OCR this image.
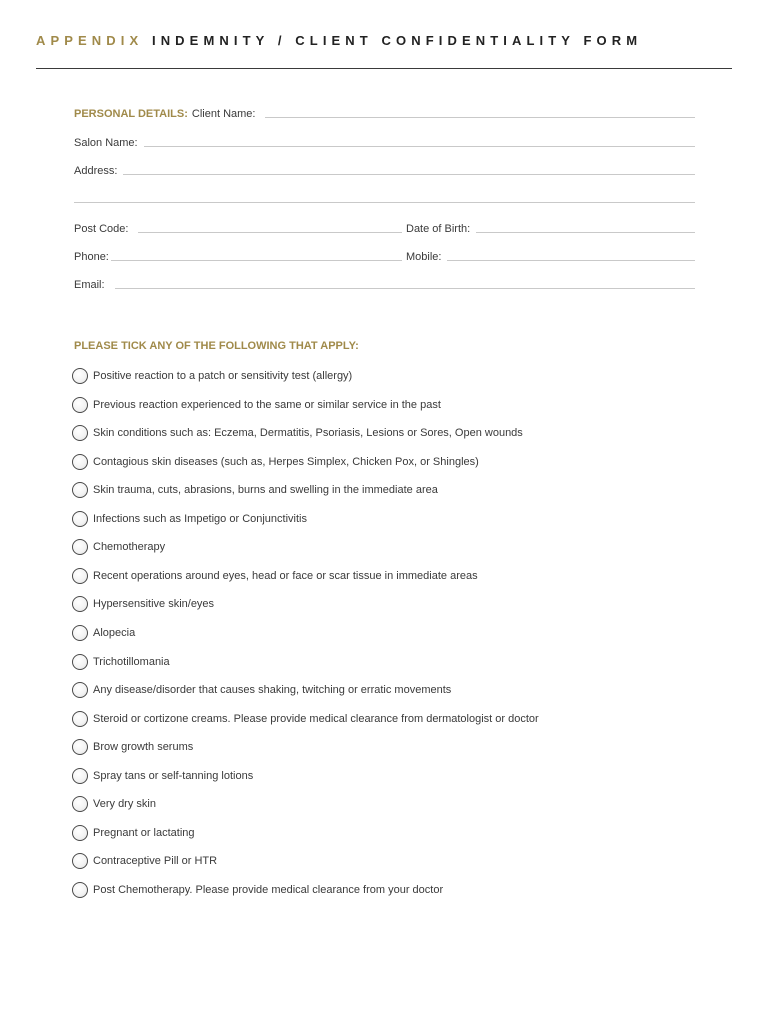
APPENDIX INDEMNITY / CLIENT CONFIDENTIALITY FORM
PERSONAL DETAILS: Client Name:
Salon Name:
Address:
Post Code:	Date of Birth:
Phone:	Mobile:
Email:
PLEASE TICK ANY OF THE FOLLOWING THAT APPLY:
Positive reaction to a patch or sensitivity test (allergy)
Previous reaction experienced to the same or similar service in the past
Skin conditions such as: Eczema, Dermatitis, Psoriasis, Lesions or Sores, Open wounds
Contagious skin diseases (such as, Herpes Simplex, Chicken Pox, or Shingles)
Skin trauma, cuts, abrasions, burns and swelling in the immediate area
Infections such as Impetigo or Conjunctivitis
Chemotherapy
Recent operations around eyes, head or face or scar tissue in immediate areas
Hypersensitive skin/eyes
Alopecia
Trichotillomania
Any disease/disorder that causes shaking, twitching or erratic movements
Steroid or cortizone creams. Please provide medical clearance from dermatologist or doctor
Brow growth serums
Spray tans or self-tanning lotions
Very dry skin
Pregnant or lactating
Contraceptive Pill or HTR
Post Chemotherapy. Please provide medical clearance from your doctor
